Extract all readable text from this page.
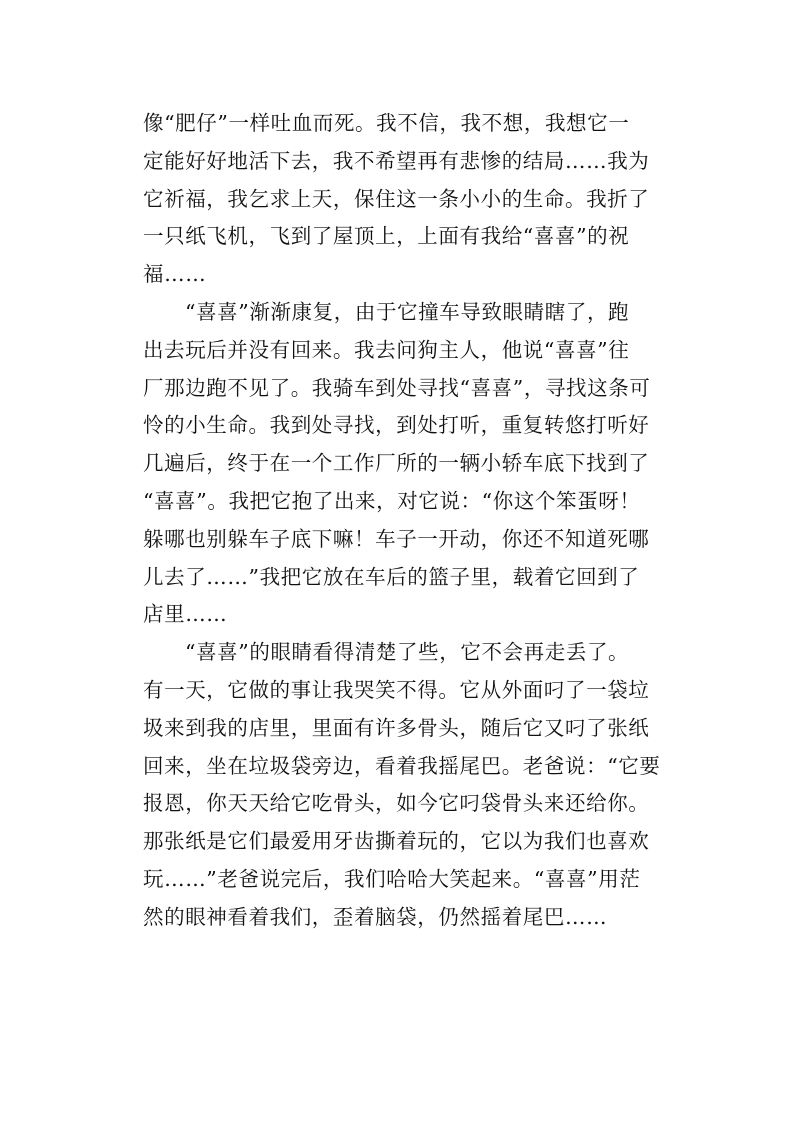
像“肥仔”一样吐血而死。我不信，我不想，我想它一
定能好好地活下去，我不希望再有悲惨的结局……我为
它祈福，我乞求上天，保住这一条小小的生命。我折了
一只纸飞机，飞到了屋顶上，上面有我给“喜喜”的祝
福……
“喜喜”渐渐康复，由于它撞车导致眼睛瞎了，跑
出去玩后并没有回来。我去问狗主人，他说“喜喜”往
厂那边跑不见了。我骑车到处寻找“喜喜”，寻找这条可
怜的小生命。我到处寻找，到处打听，重复转悠打听好
几遍后，终于在一个工作厂所的一辆小轿车底下找到了
“喜喜”。我把它抱了出来，对它说：“你这个笨蛋呀！
躲哪也别躲车子底下嘛！车子一开动，你还不知道死哪
儿去了……”我把它放在车后的篮子里，载着它回到了
店里……
“喜喜”的眼睛看得清楚了些，它不会再走丢了。
有一天，它做的事让我哭笑不得。它从外面叼了一袋垃
圾来到我的店里，里面有许多骨头，随后它又叼了张纸
回来，坐在垃圾袋旁边，看着我摇尾巴。老爸说：“它要
报恩，你天天给它吃骨头，如今它叼袋骨头来还给你。
那张纸是它们最爱用牙齿撕着玩的，它以为我们也喜欢
玩……”老爸说完后，我们哈哈大笑起来。“喜喜”用茫
然的眼神看着我们，歪着脑袋，仍然摇着尾巴……
